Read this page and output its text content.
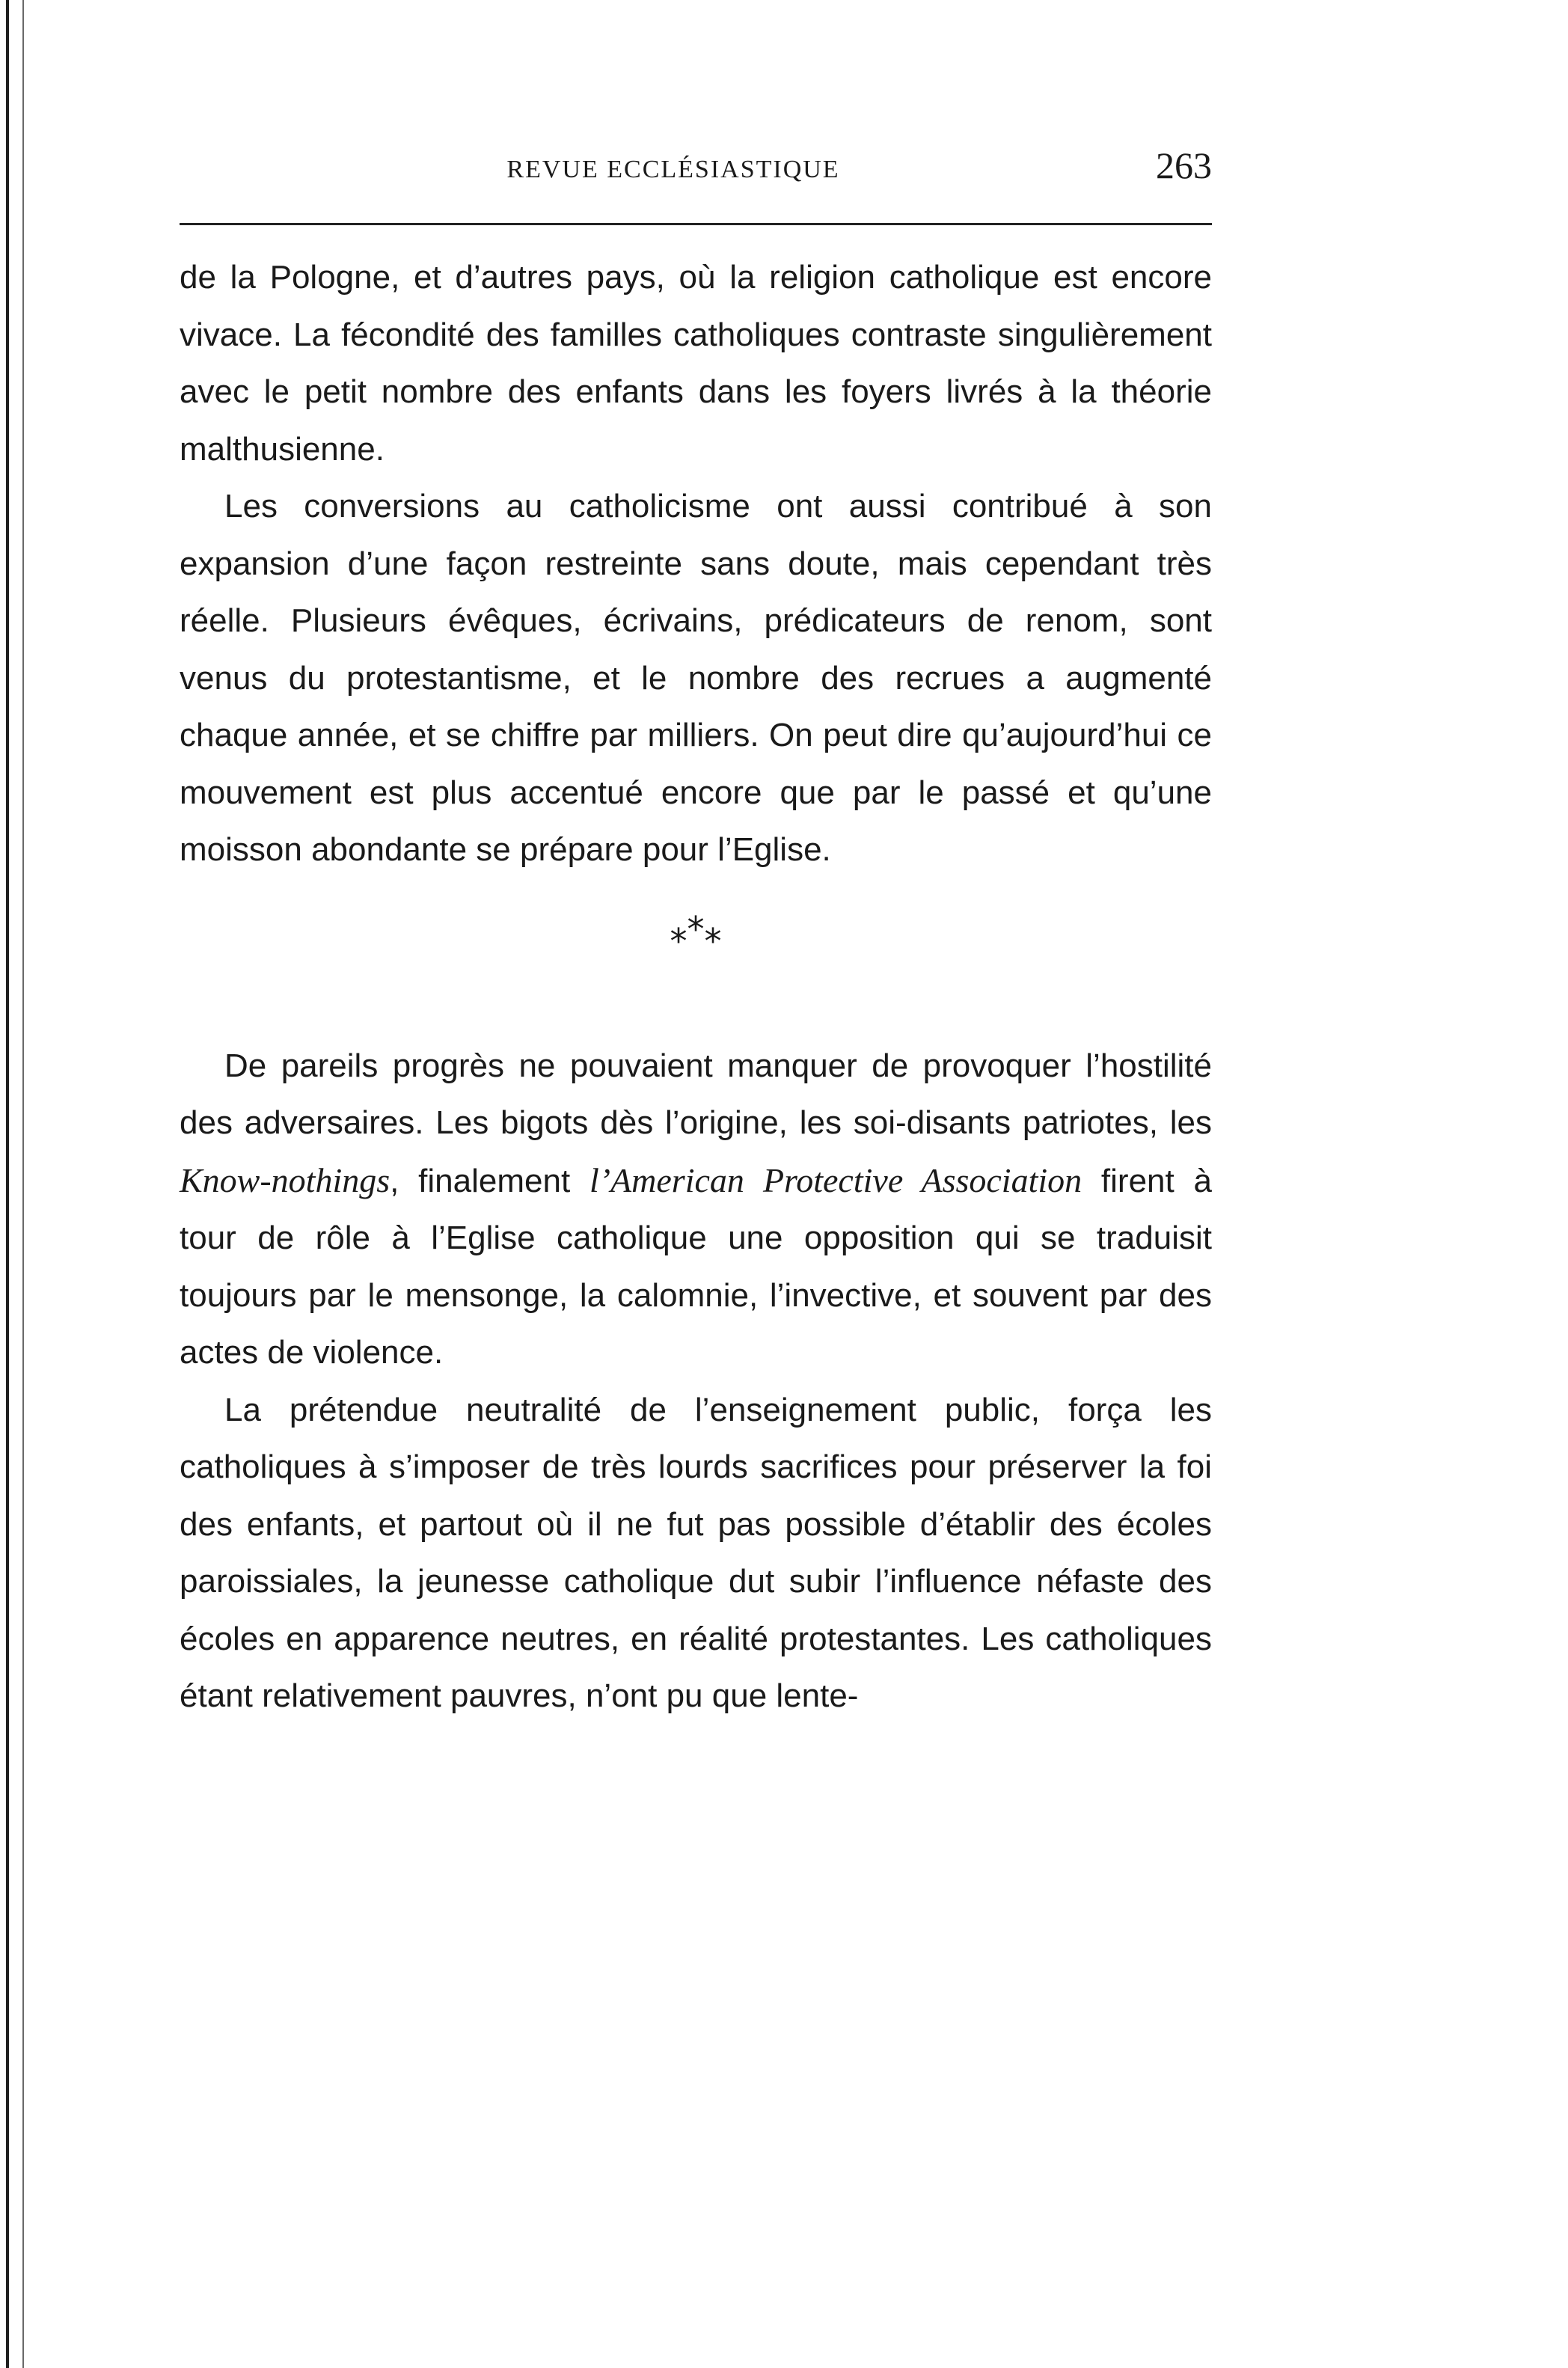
REVUE ECCLÉSIASTIQUE	263

de la Pologne, et d’autres pays, où la religion catholique est encore vivace. La fécondité des familles catholiques contraste singulièrement avec le petit nombre des enfants dans les foyers livrés à la théorie malthusienne.

Les conversions au catholicisme ont aussi contribué à son expansion d’une façon restreinte sans doute, mais cependant très réelle. Plusieurs évêques, écrivains, prédicateurs de renom, sont venus du protestantisme, et le nombre des recrues a augmenté chaque année, et se chiffre par milliers. On peut dire qu’aujourd’hui ce mouvement est plus accentué encore que par le passé et qu’une moisson abondante se prépare pour l’Eglise.

***

De pareils progrès ne pouvaient manquer de provoquer l’hostilité des adversaires. Les bigots dès l’origine, les soi-disants patriotes, les Know-nothings, finalement l’American Protective Association firent à tour de rôle à l’Eglise catholique une opposition qui se traduisit toujours par le mensonge, la calomnie, l’invective, et souvent par des actes de violence.

La prétendue neutralité de l’enseignement public, força les catholiques à s’imposer de très lourds sacrifices pour préserver la foi des enfants, et partout où il ne fut pas possible d’établir des écoles paroissiales, la jeunesse catholique dut subir l’influence néfaste des écoles en apparence neutres, en réalité protestantes. Les catholiques étant relativement pauvres, n’ont pu que lente-
